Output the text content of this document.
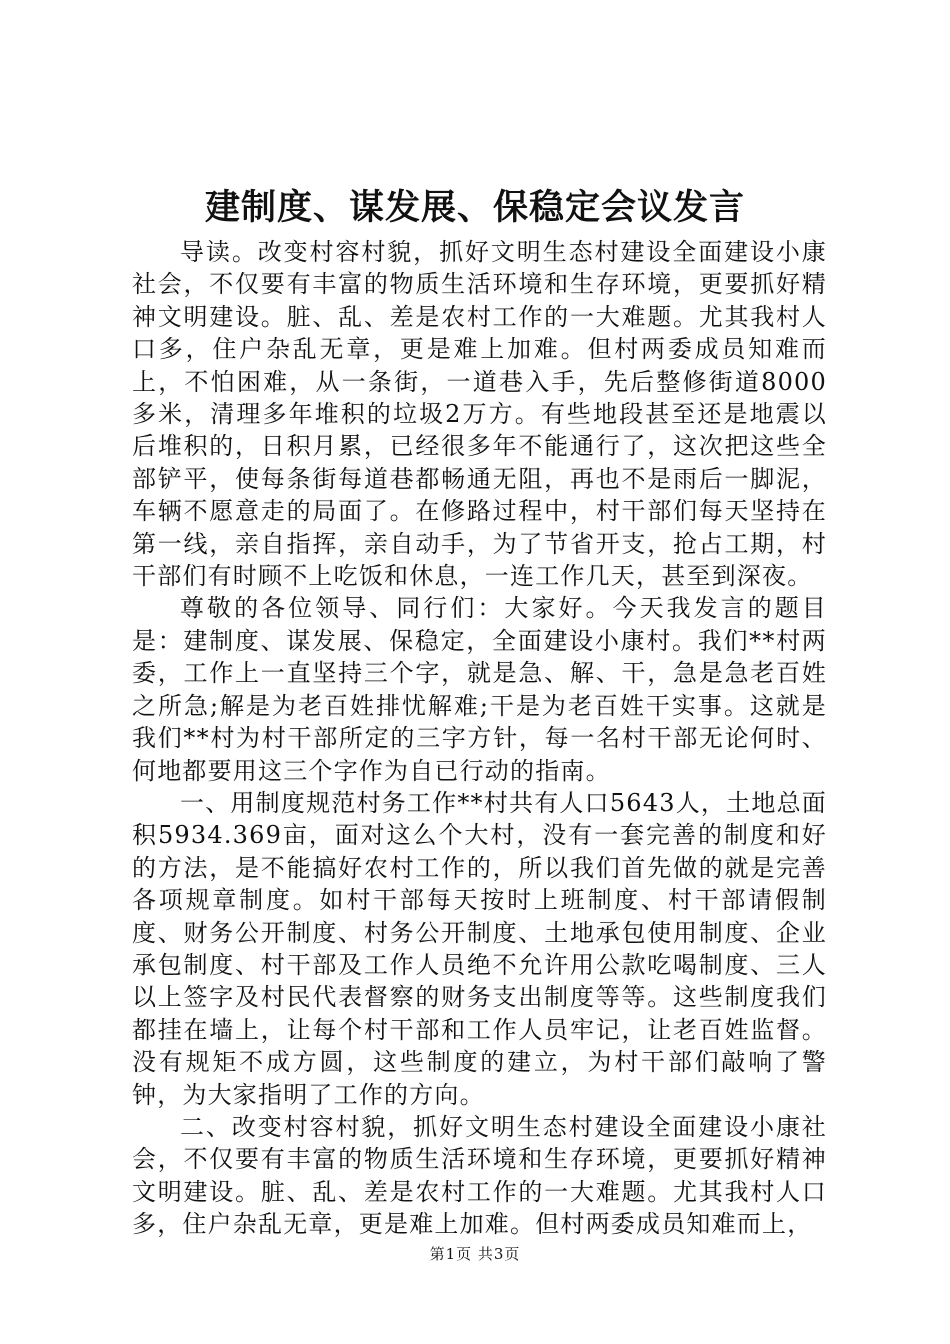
建制度、谋发展、保稳定会议发言

导读。改变村容村貌，抓好文明生态村建设全面建设小康社会，不仅要有丰富的物质生活环境和生存环境，更要抓好精神文明建设。脏、乱、差是农村工作的一大难题。尤其我村人口多，住户杂乱无章，更是难上加难。但村两委成员知难而上，不怕困难，从一条街，一道巷入手，先后整修街道8000多米，清理多年堆积的垃圾2万方。有些地段甚至还是地震以后堆积的，日积月累，已经很多年不能通行了，这次把这些全部铲平，使每条街每道巷都畅通无阻，再也不是雨后一脚泥，车辆不愿意走的局面了。在修路过程中，村干部们每天坚持在第一线，亲自指挥，亲自动手，为了节省开支，抢占工期，村干部们有时顾不上吃饭和休息，一连工作几天，甚至到深夜。

尊敬的各位领导、同行们：大家好。今天我发言的题目是：建制度、谋发展、保稳定，全面建设小康村。我们**村两委，工作上一直坚持三个字，就是急、解、干，急是急老百姓之所急;解是为老百姓排忧解难;干是为老百姓干实事。这就是我们**村为村干部所定的三字方针，每一名村干部无论何时、何地都要用这三个字作为自已行动的指南。

一、用制度规范村务工作**村共有人口5643人，土地总面积5934.369亩，面对这么个大村，没有一套完善的制度和好的方法，是不能搞好农村工作的，所以我们首先做的就是完善各项规章制度。如村干部每天按时上班制度、村干部请假制度、财务公开制度、村务公开制度、土地承包使用制度、企业承包制度、村干部及工作人员绝不允许用公款吃喝制度、三人以上签字及村民代表督察的财务支出制度等等。这些制度我们都挂在墙上，让每个村干部和工作人员牢记，让老百姓监督。没有规矩不成方圆，这些制度的建立，为村干部们敲响了警钟，为大家指明了工作的方向。

二、改变村容村貌，抓好文明生态村建设全面建设小康社会，不仅要有丰富的物质生活环境和生存环境，更要抓好精神文明建设。脏、乱、差是农村工作的一大难题。尤其我村人口多，住户杂乱无章，更是难上加难。但村两委成员知难而上，

第1页 共3页
